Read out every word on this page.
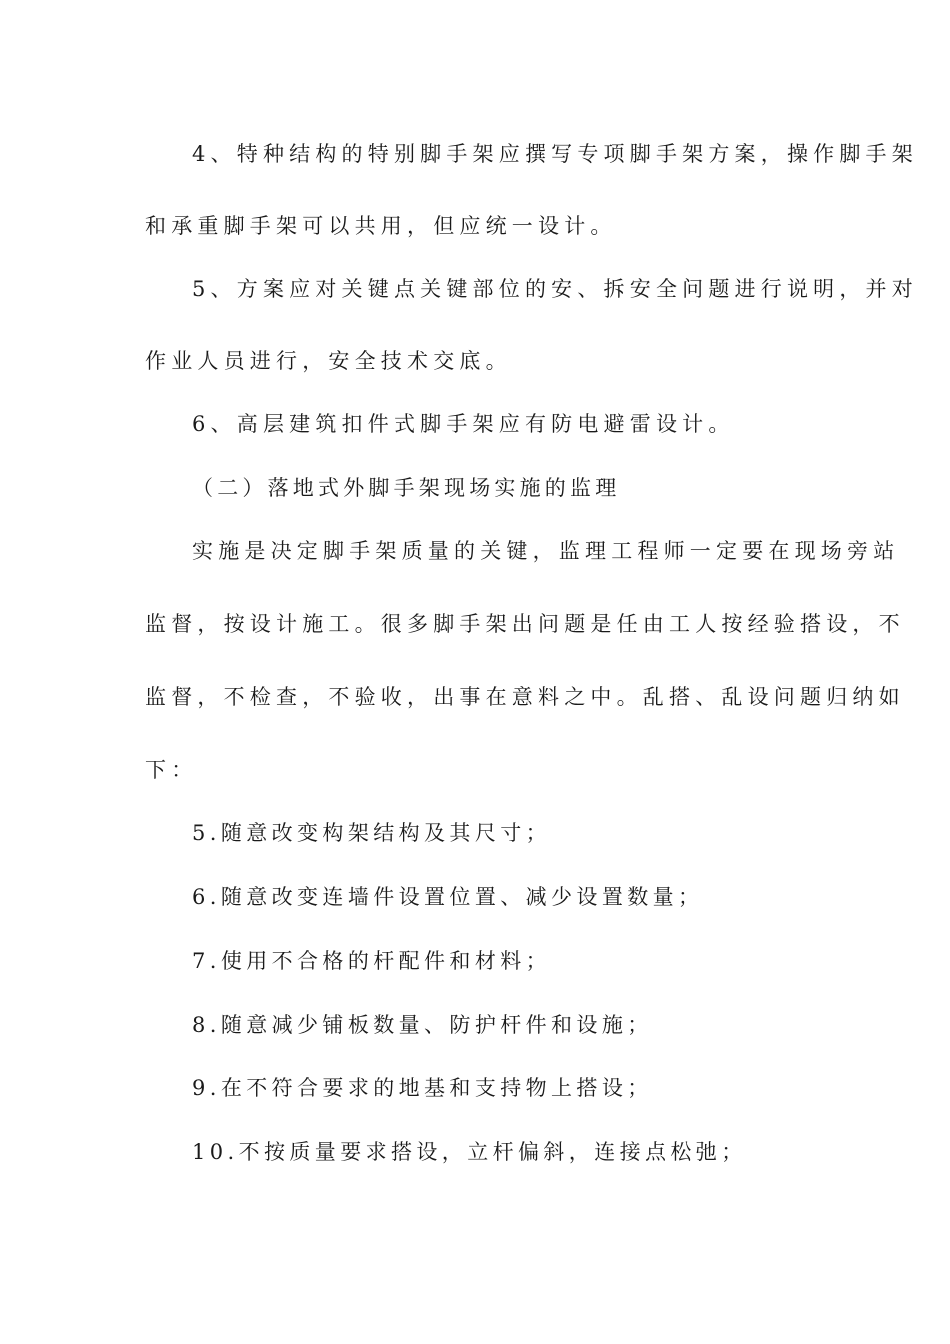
4、特种结构的特别脚手架应撰写专项脚手架方案，操作脚手架
和承重脚手架可以共用，但应统一设计。
5、方案应对关键点关键部位的安、拆安全问题进行说明，并对
作业人员进行，安全技术交底。
6、高层建筑扣件式脚手架应有防电避雷设计。
（二）落地式外脚手架现场实施的监理
实施是决定脚手架质量的关键，监理工程师一定要在现场旁站
监督，按设计施工。很多脚手架出问题是任由工人按经验搭设，不
监督，不检查，不验收，出事在意料之中。乱搭、乱设问题归纳如
下：
5.随意改变构架结构及其尺寸；
6.随意改变连墙件设置位置、减少设置数量；
7.使用不合格的杆配件和材料；
8.随意减少铺板数量、防护杆件和设施；
9.在不符合要求的地基和支持物上搭设；
10.不按质量要求搭设，立杆偏斜，连接点松弛；
